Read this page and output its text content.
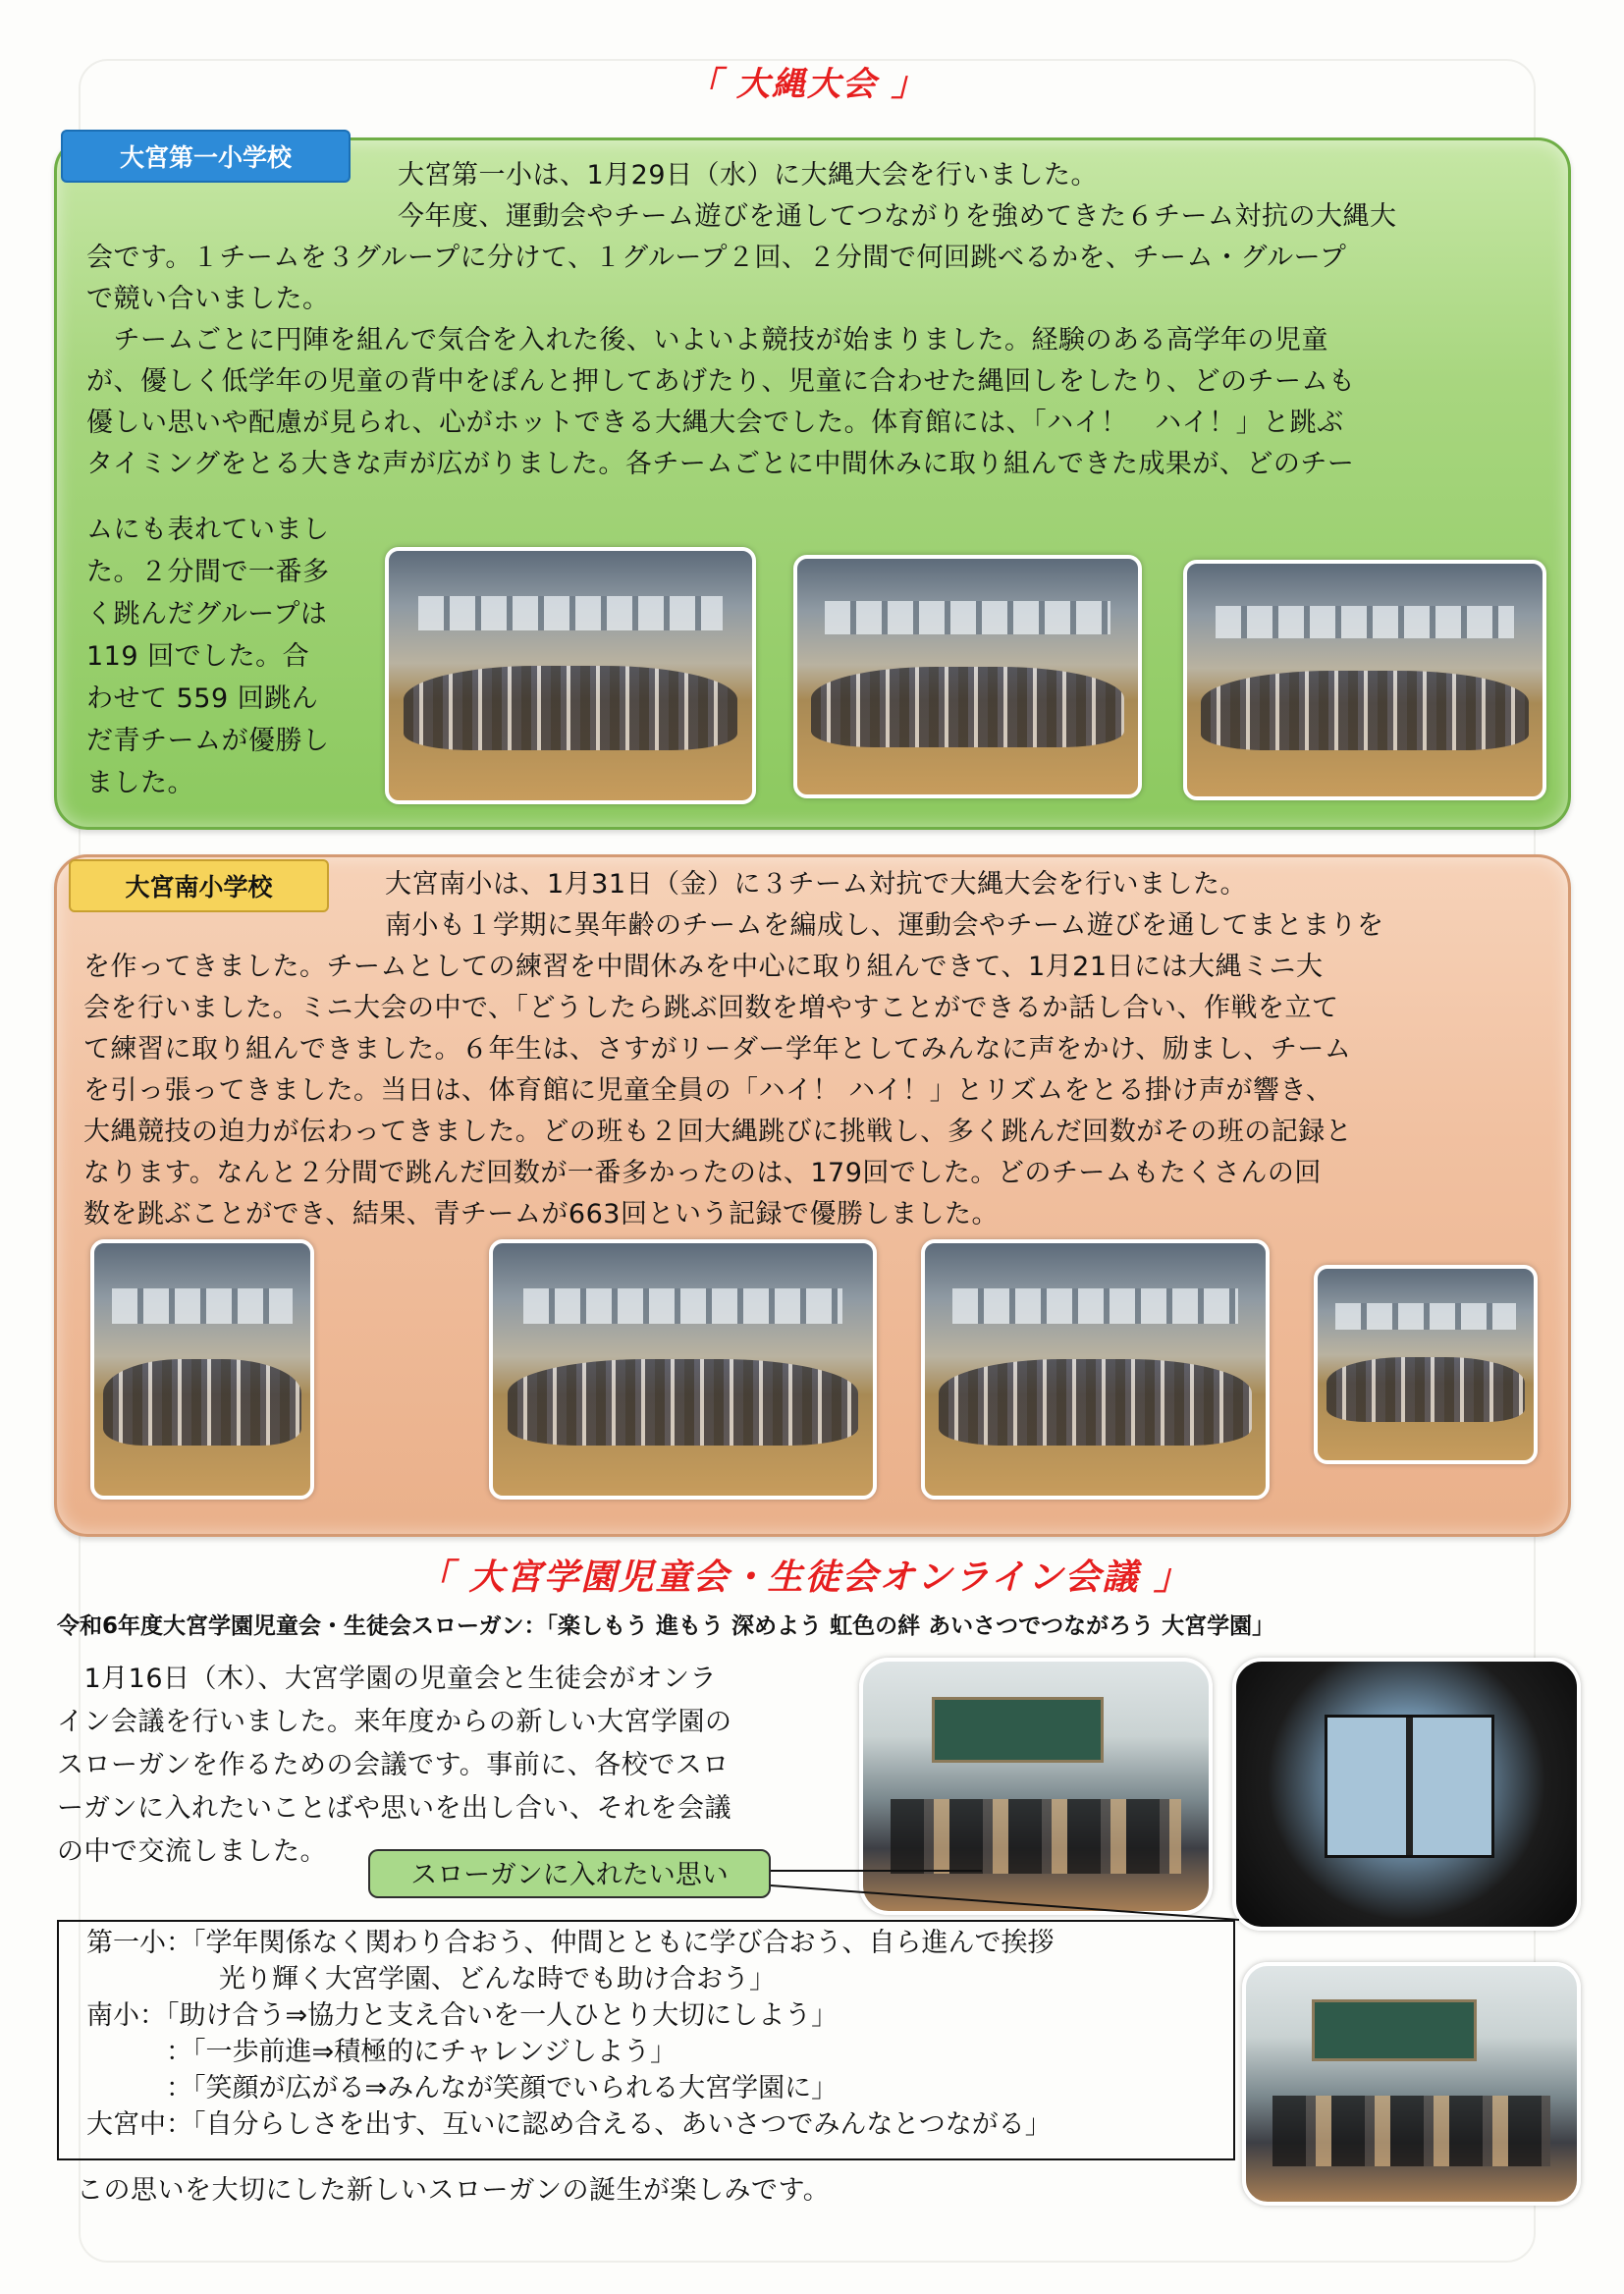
「 大縄大会 」
大宮第一小学校
大宮第一小は、1月29日（水）に大縄大会を行いました。
今年度、運動会やチーム遊びを通してつながりを強めてきた６チーム対抗の大縄大
会です。１チームを３グループに分けて、１グループ２回、２分間で何回跳べるかを、チーム・グループ
で競い合いました。
　チームごとに円陣を組んで気合を入れた後、いよいよ競技が始まりました。経験のある高学年の児童
が、優しく低学年の児童の背中をぽんと押してあげたり、児童に合わせた縄回しをしたり、どのチームも
優しい思いや配慮が見られ、心がホットできる大縄大会でした。体育館には、「ハイ！　ハイ！」と跳ぶ
タイミングをとる大きな声が広がりました。各チームごとに中間休みに取り組んできた成果が、どのチー
ムにも表れていまし
た。２分間で一番多
く跳んだグループは
119 回でした。合
わせて 559 回跳ん
だ青チームが優勝し
ました。
大宮南小学校	大宮南小は、1月31日（金）に３チーム対抗で大縄大会を行いました。
南小も１学期に異年齢のチームを編成し、運動会やチーム遊びを通してまとまりを
を作ってきました。チームとしての練習を中間休みを中心に取り組んできて、1月21日には大縄ミニ大
会を行いました。ミニ大会の中で、「どうしたら跳ぶ回数を増やすことができるか話し合い、作戦を立て
て練習に取り組んできました。６年生は、さすがリーダー学年としてみんなに声をかけ、励まし、チーム
を引っ張ってきました。当日は、体育館に児童全員の「ハイ！ ハイ！」とリズムをとる掛け声が響き、
大縄競技の迫力が伝わってきました。どの班も２回大縄跳びに挑戦し、多く跳んだ回数がその班の記録と
なります。なんと２分間で跳んだ回数が一番多かったのは、179回でした。どのチームもたくさんの回
数を跳ぶことができ、結果、青チームが663回という記録で優勝しました。
「 大宮学園児童会・生徒会オンライン会議 」
令和6年度大宮学園児童会・生徒会スローガン：「楽しもう 進もう 深めよう 虹色の絆 あいさつでつながろう 大宮学園」
　1月16日（木）、大宮学園の児童会と生徒会がオンラ
イン会議を行いました。来年度からの新しい大宮学園の
スローガンを作るための会議です。事前に、各校でスロ
ーガンに入れたいことばや思いを出し合い、それを会議
の中で交流しました。
スローガンに入れたい思い
第一小：「学年関係なく関わり合おう、仲間とともに学び合おう、自ら進んで挨拶
　　　　　光り輝く大宮学園、どんな時でも助け合おう」
南小：「助け合う⇒協力と支え合いを一人ひとり大切にしよう」
　　　：「一歩前進⇒積極的にチャレンジしよう」
　　　：「笑顔が広がる⇒みんなが笑顔でいられる大宮学園に」
大宮中：「自分らしさを出す、互いに認め合える、あいさつでみんなとつながる」
この思いを大切にした新しいスローガンの誕生が楽しみです。
